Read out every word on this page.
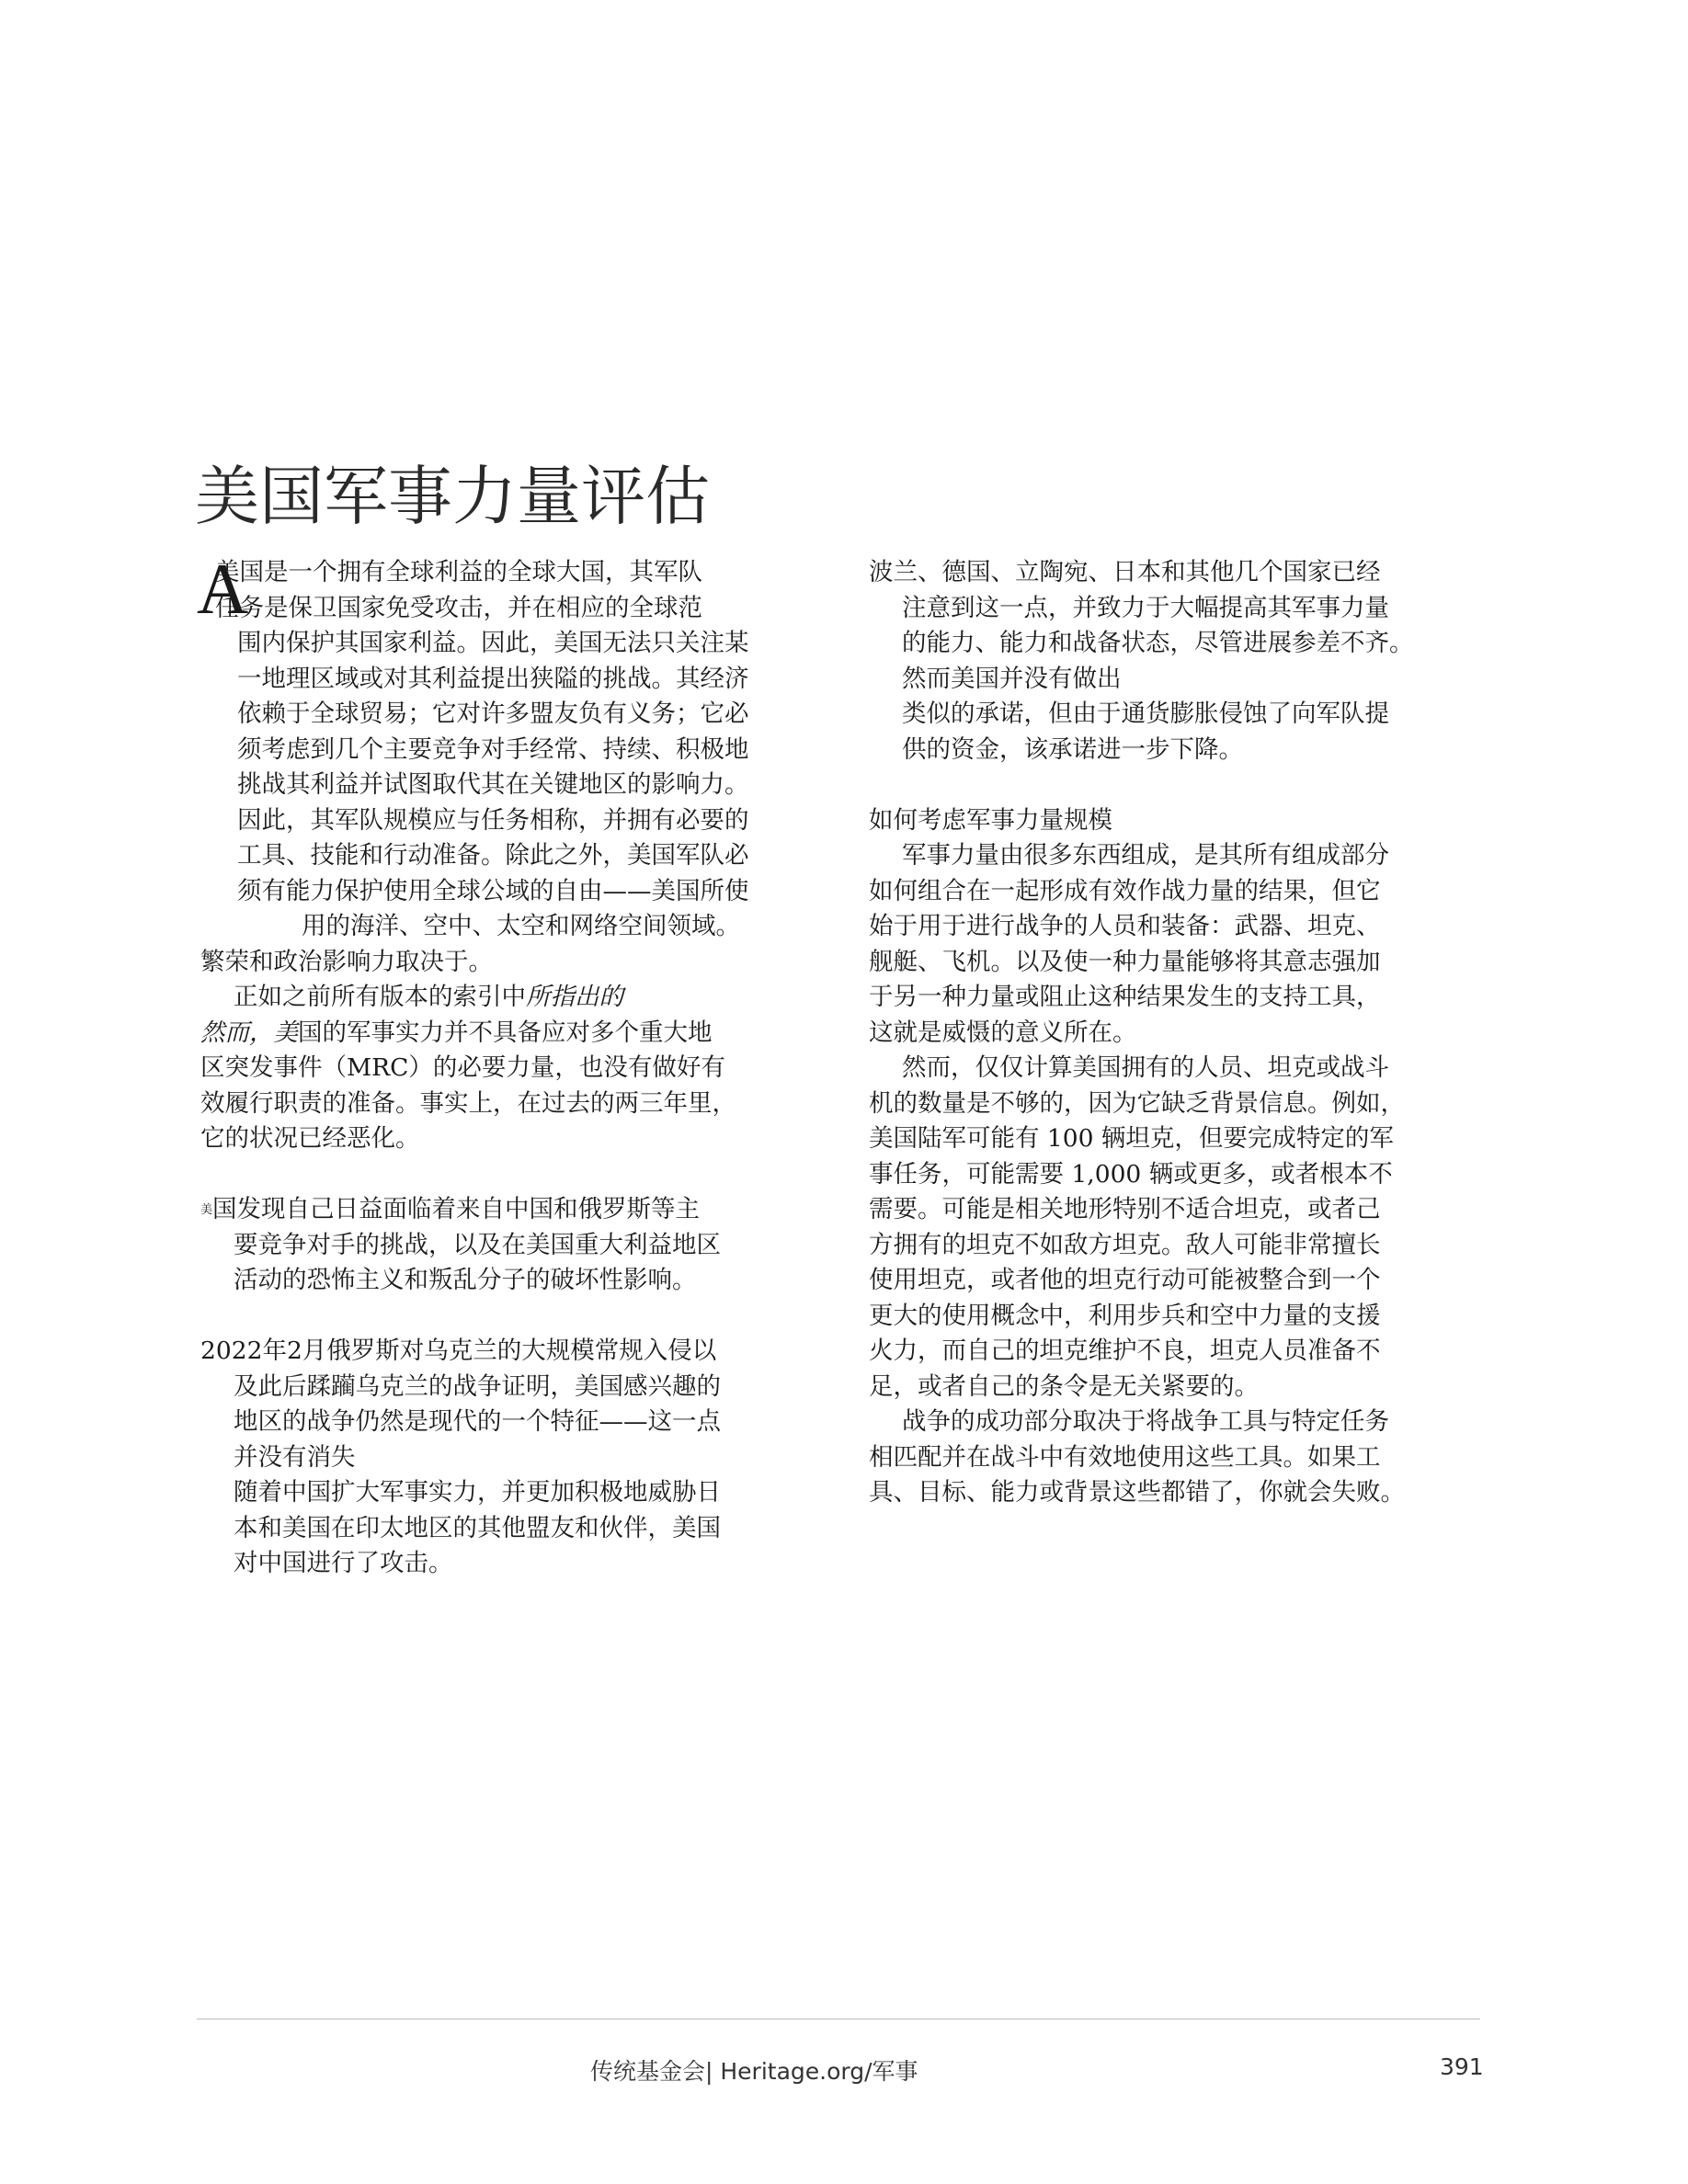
美国军事力量评估
A
美国是一个拥有全球利益的全球大国，其军队
任务是保卫国家免受攻击，并在相应的全球范
围内保护其国家利益。因此，美国无法只关注某
一地理区域或对其利益提出狭隘的挑战。其经济
依赖于全球贸易；它对许多盟友负有义务；它必
须考虑到几个主要竞争对手经常、持续、积极地
挑战其利益并试图取代其在关键地区的影响力。
因此，其军队规模应与任务相称，并拥有必要的
工具、技能和行动准备。除此之外，美国军队必
须有能力保护使用全球公域的自由——美国所使
用的海洋、空中、太空和网络空间领域。
繁荣和政治影响力取决于。
正如之前所有版本的索引中所指出的
然而，美国的军事实力并不具备应对多个重大地
区突发事件（MRC）的必要力量，也没有做好有
效履行职责的准备。事实上，在过去的两三年里，
它的状况已经恶化。
美国发现自己日益面临着来自中国和俄罗斯等主
要竞争对手的挑战，以及在美国重大利益地区
活动的恐怖主义和叛乱分子的破坏性影响。
2022年2月俄罗斯对乌克兰的大规模常规入侵以
及此后蹂躏乌克兰的战争证明，美国感兴趣的
地区的战争仍然是现代的一个特征——这一点
并没有消失
随着中国扩大军事实力，并更加积极地威胁日
本和美国在印太地区的其他盟友和伙伴，美国
对中国进行了攻击。
波兰、德国、立陶宛、日本和其他几个国家已经
注意到这一点，并致力于大幅提高其军事力量
的能力、能力和战备状态，尽管进展参差不齐。
然而美国并没有做出
类似的承诺，但由于通货膨胀侵蚀了向军队提
供的资金，该承诺进一步下降。
如何考虑军事力量规模
军事力量由很多东西组成，是其所有组成部分
如何组合在一起形成有效作战力量的结果，但它
始于用于进行战争的人员和装备：武器、坦克、
舰艇、飞机。以及使一种力量能够将其意志强加
于另一种力量或阻止这种结果发生的支持工具，
这就是威慑的意义所在。
然而，仅仅计算美国拥有的人员、坦克或战斗
机的数量是不够的，因为它缺乏背景信息。例如，
美国陆军可能有 100 辆坦克，但要完成特定的军
事任务，可能需要 1,000 辆或更多，或者根本不
需要。可能是相关地形特别不适合坦克，或者己
方拥有的坦克不如敌方坦克。敌人可能非常擅长
使用坦克，或者他的坦克行动可能被整合到一个
更大的使用概念中，利用步兵和空中力量的支援
火力，而自己的坦克维护不良，坦克人员准备不
足，或者自己的条令是无关紧要的。
战争的成功部分取决于将战争工具与特定任务
相匹配并在战斗中有效地使用这些工具。如果工
具、目标、能力或背景这些都错了，你就会失败。
传统基金会| Heritage.org/军事	391
